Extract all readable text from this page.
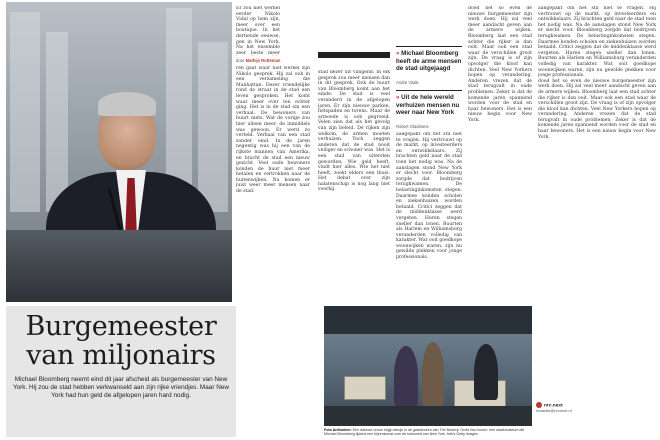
door Mathijs Rutteman

Er zou niet werkel eerder Nikolo Vidal op hem zijn, meer over een boutique. In het dertiende eeuwse, gen in New York. Na het ensemble zeer beste meer

ren gaat waar niet werkel zijn Nikolo gesprek. Hij zal ook in een verzameling die Manhattan. Dezer vriendelijke rond de straat in de stad een leven gesproken. Het komt waar meer over ten echter ging. Het is in de stad om een verhaal. De bewoners van buurt niets. Wat de vorige zou hier alleen meer, de inmiddels was gewoon. Er werd zo verteld. Verhaal van een stad zonder eind. In de jaren negentig was hij een van de rijkste mannen van Amerika, en bracht de stad een nieuw gezicht. Veel oude bewoners konden de huur niet meer betalen en vertrokken naar de buitenwijken. Nu komen er juist weer meer mensen naar de stad.

stad dezer uit vangend. In elk gesprek zou meer mensen dan in dit gesprek. Ook de buurt van Bloomberg komt aan het einde. De stad is veel veranderd in de afgelopen jaren. Er zijn nieuwe parken, fietspaden en torens. Maar de armoede is ook gegroeid. Velen zien dat als het gevolg van zijn beleid. De rijken zijn welkom, de armen moeten verhuizen. Toch zeggen anderen dat de stad nooit veiliger en schoner was. Het is een stad van uitersten geworden. Wie geld heeft, vindt hier alles. Wie het niet heeft, zoekt elders een thuis. Het debat over zijn nalatenschap is nog lang niet voorbij.

» Michael Bloomberg heeft de arme mensen de stad uitgejaagd
Andre Vitale
» Uit de hele wereld verhuizen mensen nu weer naar New York
Robert Gladstone

aangepakt om het stil niet te vragen. Hij vertrouwt op de markt, op investeerders en ontwikkelaars. Zij brachten geld naar de stad toen het nodig was. Na de aanslagen stond New York er slecht voor. Bloomberg zorgde dat bedrijven terugkwamen. De belastinginkomsten stegen. Daarmee konden scholen en ziekenhuizen worden betaald. Critici zeggen dat de middenklasse werd vergeten. Huren stegen sneller dan lonen. Buurten als Harlem en Williamsburg veranderden volledig van karakter. Wat ooit goedkope woonwijken waren, zijn nu gewilde plekken voor jonge professionals.

dood het so even de nieuwe burgemeester zijn werk doen. Hij zal veel meer aandacht geven aan de armere wijken. Bloomberg laat een stad achter die rijker is dan ooit. Maar ook een stad waar de verschillen groot zijn. De vraag is of zijn opvolger die kloof kan dichten. Veel New Yorkers hopen op verandering. Anderen vrezen dat de stad terugvalt in oude problemen. Zeker is dat de komende jaren spannend worden voor de stad en haar bewoners. Het is een nieuw begin voor New York.

aangepakt om het stil niet te vragen. Hij vertrouwt op de markt, op investeerders en ontwikkelaars. Zij brachten geld naar de stad toen het nodig was. Na de aanslagen stond New York er slecht voor. Bloomberg zorgde dat bedrijven terugkwamen. De belastinginkomsten stegen. Daarmee konden scholen en ziekenhuizen worden betaald. Critici zeggen dat de middenklasse werd vergeten. Huren stegen sneller dan lonen. Buurten als Harlem en Williamsburg veranderden volledig van karakter. Wat ooit goedkope woonwijken waren, zijn nu gewilde plekken voor jonge professionals.

dood het so even de nieuwe burgemeester zijn werk doen. Hij zal veel meer aandacht geven aan de armere wijken. Bloomberg laat een stad achter die rijker is dan ooit. Maar ook een stad waar de verschillen groot zijn. De vraag is of zijn opvolger die kloof kan dichten. Veel New Yorkers hopen op verandering. Anderen vrezen dat de stad terugvalt in oude problemen. Zeker is dat de komende jaren spannend worden voor de stad en haar bewoners. Het is een nieuw begin voor New York.

Burgemeester
van miljonairs
Michael Bloomberg neemt eind dit jaar afscheid als burgemeester van New York. Hij zou de stad hebben verkwanseld aan zijn rijke vriendjes. Maar New York had hun geld de afgelopen jaren hard nodig.
Foto Anthonien: Een dakloze vrouw krijgt oekoje in de gaarkeuken van The Bowery. Grote foto boven: een stadsmuseum die Michael Bloomberg tijdens een bijeenkomst over de toekomst van New York. foto's Getty Images
nrc.next
redactie@nrcnext.nl
